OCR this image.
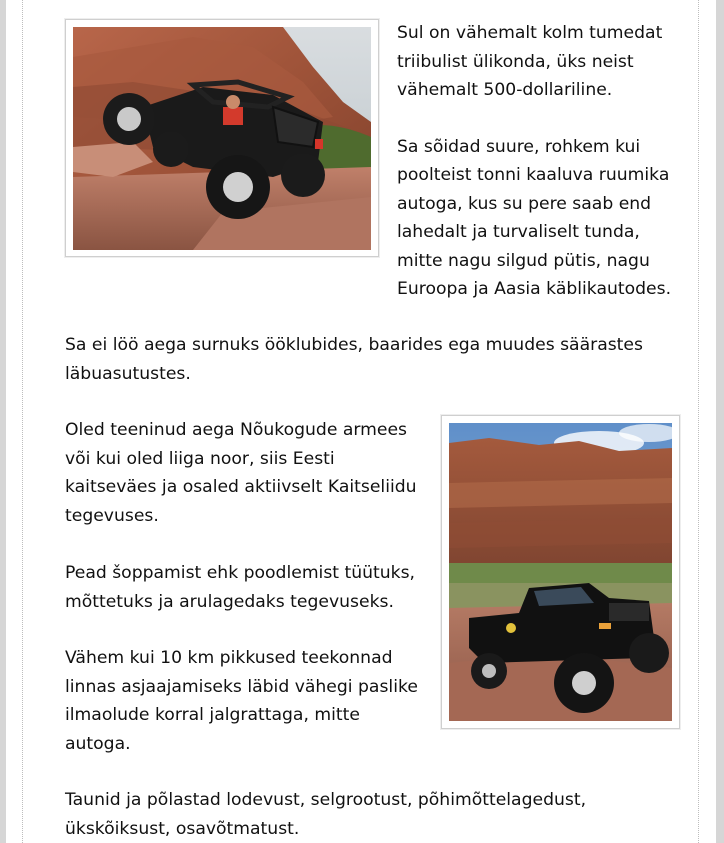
Sul on vähemalt kolm tumedat
triibulist ülikonda, üks neist
vähemalt 500-dollariline.

Sa sõidad suure, rohkem kui
poolteist tonni kaaluva ruumika
autoga, kus su pere saab end
lahedalt ja turvaliselt tunda,
mitte nagu silgud pütis, nagu
Euroopa ja Aasia käblikautodes.

Sa ei löö aega surnuks ööklubides, baarides ega muudes säärastes
läbuasutustes.
Oled teeninud aega Nõukogude armees
või kui oled liiga noor, siis Eesti
kaitseväes ja osaled aktiivselt Kaitseliidu
tegevuses.
Pead šoppamist ehk poodlemist tüütuks,
mõttetuks ja arulagedaks tegevuseks.
Vähem kui 10 km pikkused teekonnad
linnas asjaajamiseks läbid vähegi paslike
ilmaolude korral jalgrattaga, mitte
autoga.
Taunid ja põlastad lodevust, selgrootust, põhimõttelagedust,
ükskõiksust, osavõtmatust.
